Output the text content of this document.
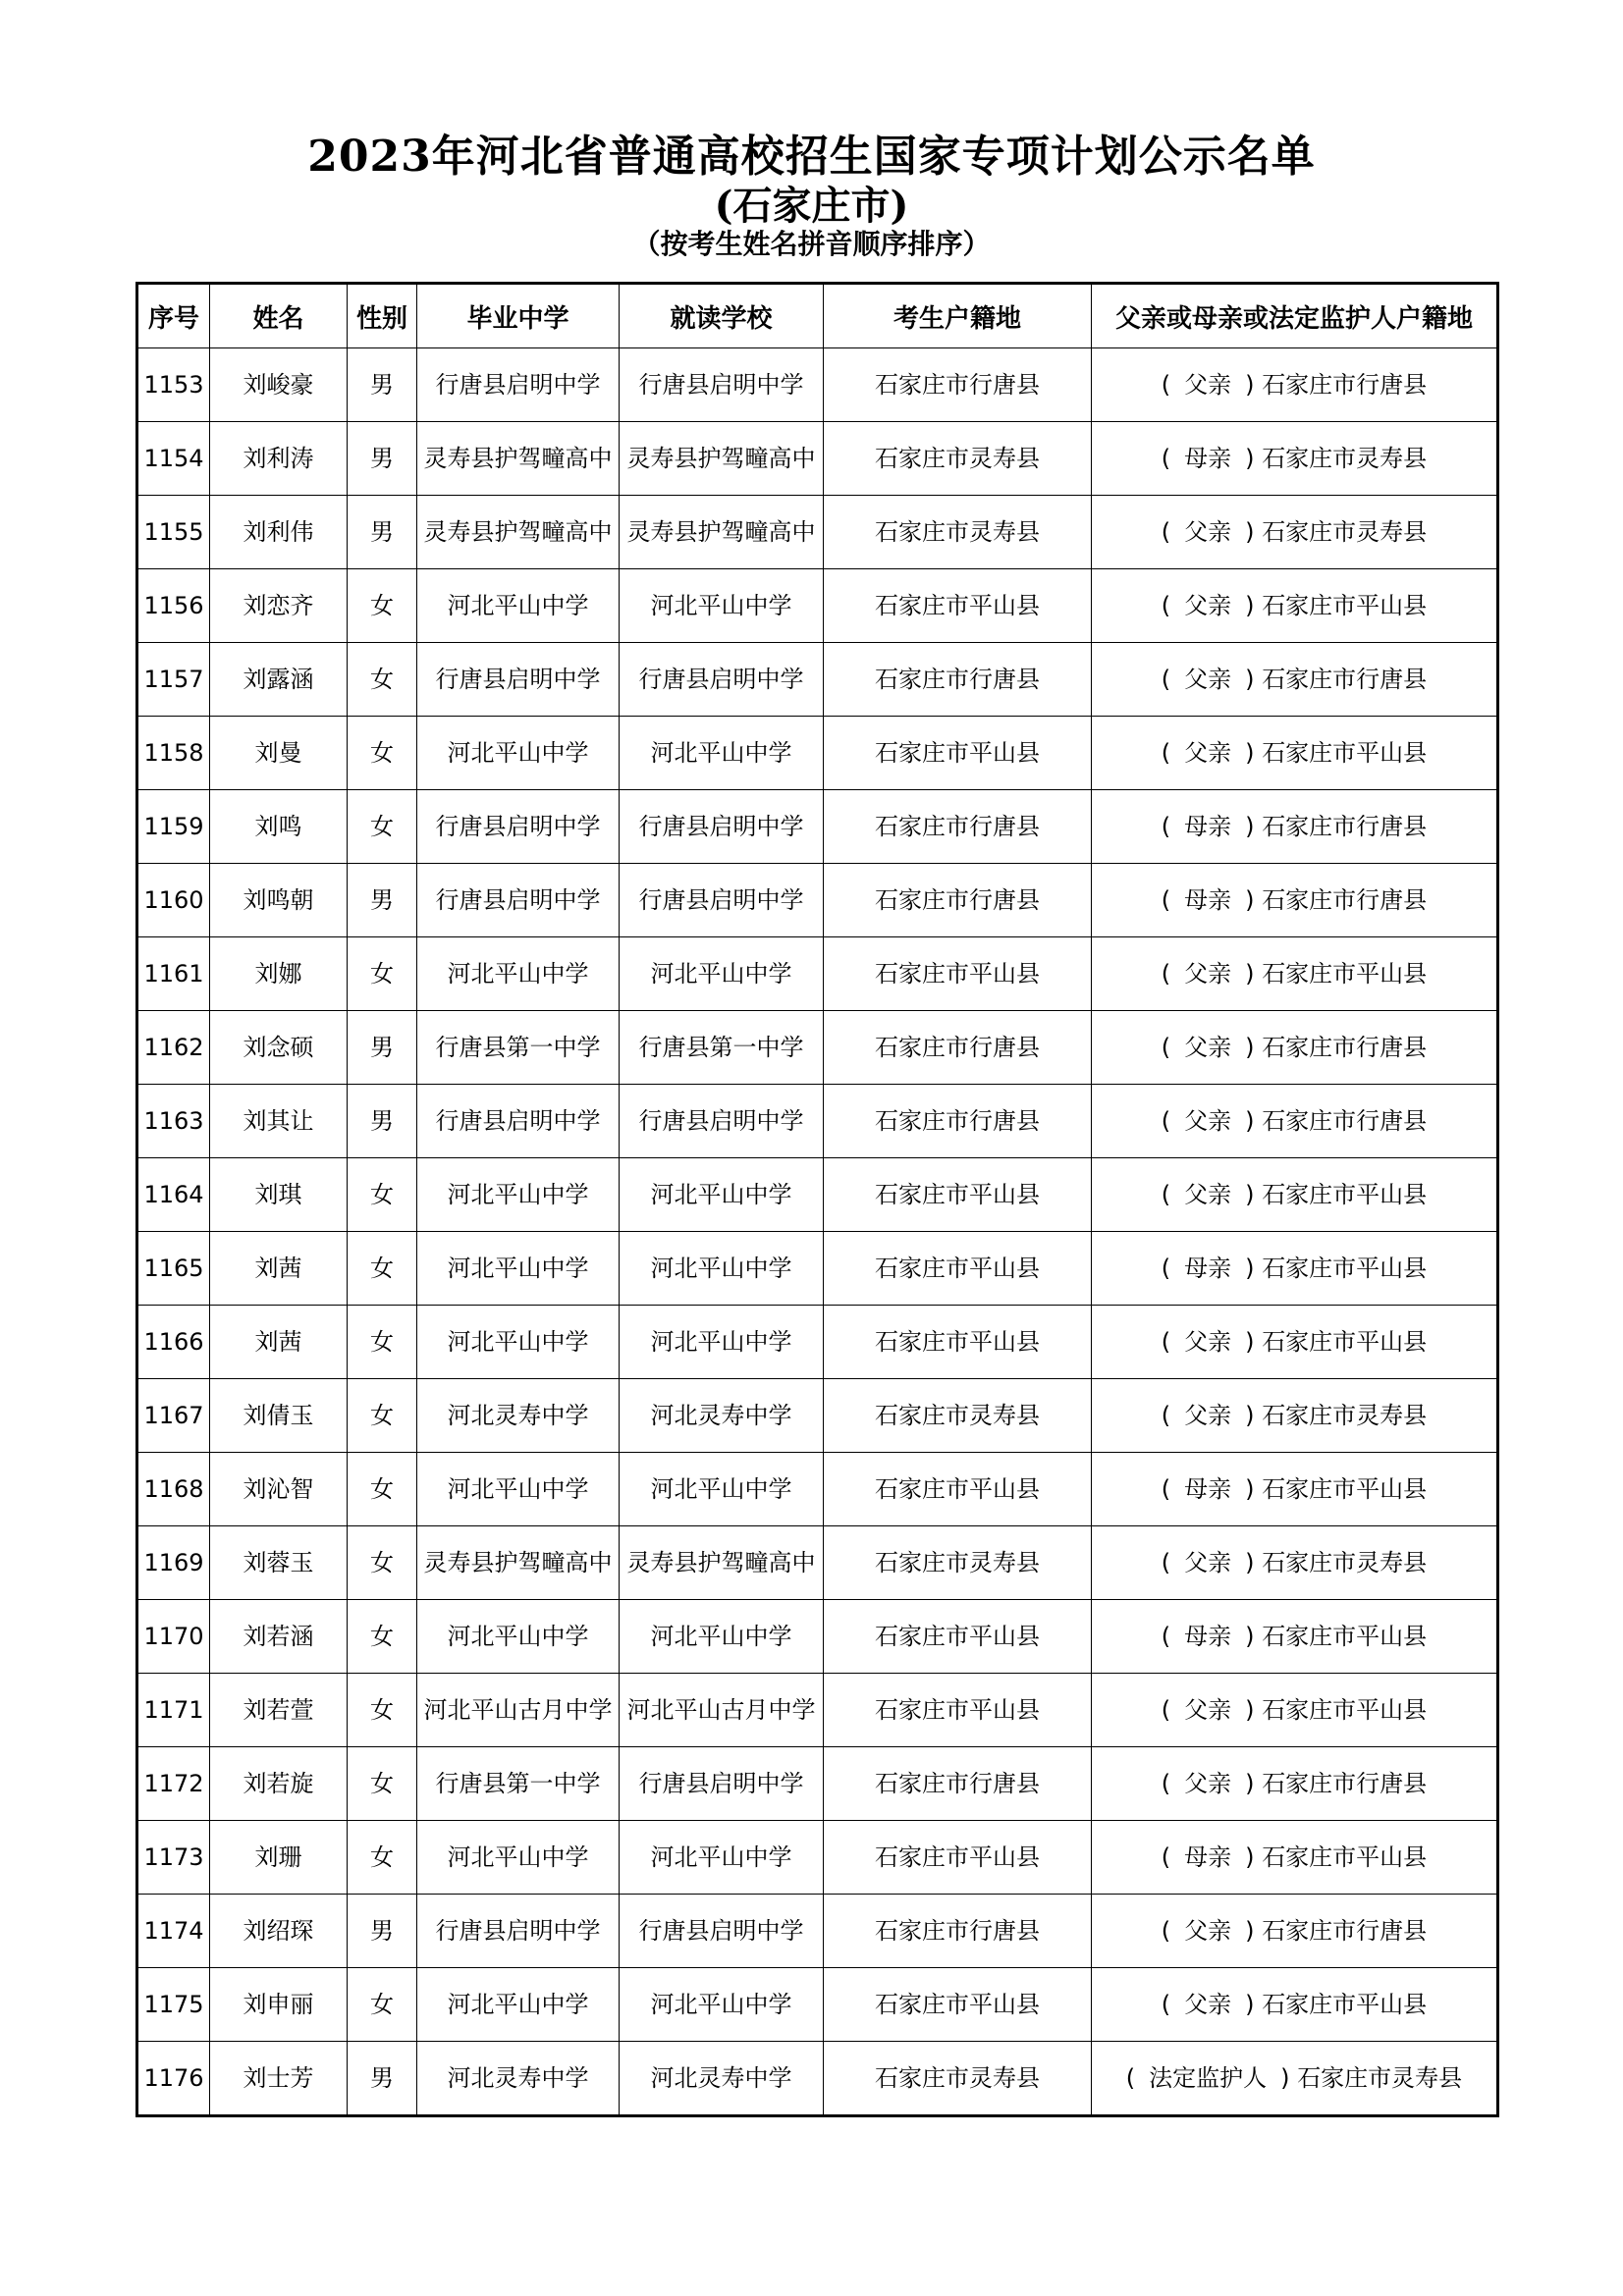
2023年河北省普通高校招生国家专项计划公示名单
(石家庄市)
（按考生姓名拼音顺序排序）
序号	姓名	性别	毕业中学	就读学校	考生户籍地	父亲或母亲或法定监护人户籍地
1153	刘峻豪	男	行唐县启明中学	行唐县启明中学	石家庄市行唐县	( 父亲 ) 石家庄市行唐县
1154	刘利涛	男	灵寿县护驾疃高中	灵寿县护驾疃高中	石家庄市灵寿县	( 母亲 ) 石家庄市灵寿县
1155	刘利伟	男	灵寿县护驾疃高中	灵寿县护驾疃高中	石家庄市灵寿县	( 父亲 ) 石家庄市灵寿县
1156	刘恋齐	女	河北平山中学	河北平山中学	石家庄市平山县	( 父亲 ) 石家庄市平山县
1157	刘露涵	女	行唐县启明中学	行唐县启明中学	石家庄市行唐县	( 父亲 ) 石家庄市行唐县
1158	刘曼	女	河北平山中学	河北平山中学	石家庄市平山县	( 父亲 ) 石家庄市平山县
1159	刘鸣	女	行唐县启明中学	行唐县启明中学	石家庄市行唐县	( 母亲 ) 石家庄市行唐县
1160	刘鸣朝	男	行唐县启明中学	行唐县启明中学	石家庄市行唐县	( 母亲 ) 石家庄市行唐县
1161	刘娜	女	河北平山中学	河北平山中学	石家庄市平山县	( 父亲 ) 石家庄市平山县
1162	刘念硕	男	行唐县第一中学	行唐县第一中学	石家庄市行唐县	( 父亲 ) 石家庄市行唐县
1163	刘其让	男	行唐县启明中学	行唐县启明中学	石家庄市行唐县	( 父亲 ) 石家庄市行唐县
1164	刘琪	女	河北平山中学	河北平山中学	石家庄市平山县	( 父亲 ) 石家庄市平山县
1165	刘茜	女	河北平山中学	河北平山中学	石家庄市平山县	( 母亲 ) 石家庄市平山县
1166	刘茜	女	河北平山中学	河北平山中学	石家庄市平山县	( 父亲 ) 石家庄市平山县
1167	刘倩玉	女	河北灵寿中学	河北灵寿中学	石家庄市灵寿县	( 父亲 ) 石家庄市灵寿县
1168	刘沁智	女	河北平山中学	河北平山中学	石家庄市平山县	( 母亲 ) 石家庄市平山县
1169	刘蓉玉	女	灵寿县护驾疃高中	灵寿县护驾疃高中	石家庄市灵寿县	( 父亲 ) 石家庄市灵寿县
1170	刘若涵	女	河北平山中学	河北平山中学	石家庄市平山县	( 母亲 ) 石家庄市平山县
1171	刘若萱	女	河北平山古月中学	河北平山古月中学	石家庄市平山县	( 父亲 ) 石家庄市平山县
1172	刘若旋	女	行唐县第一中学	行唐县启明中学	石家庄市行唐县	( 父亲 ) 石家庄市行唐县
1173	刘珊	女	河北平山中学	河北平山中学	石家庄市平山县	( 母亲 ) 石家庄市平山县
1174	刘绍琛	男	行唐县启明中学	行唐县启明中学	石家庄市行唐县	( 父亲 ) 石家庄市行唐县
1175	刘申丽	女	河北平山中学	河北平山中学	石家庄市平山县	( 父亲 ) 石家庄市平山县
1176	刘士芳	男	河北灵寿中学	河北灵寿中学	石家庄市灵寿县	( 法定监护人 ) 石家庄市灵寿县
